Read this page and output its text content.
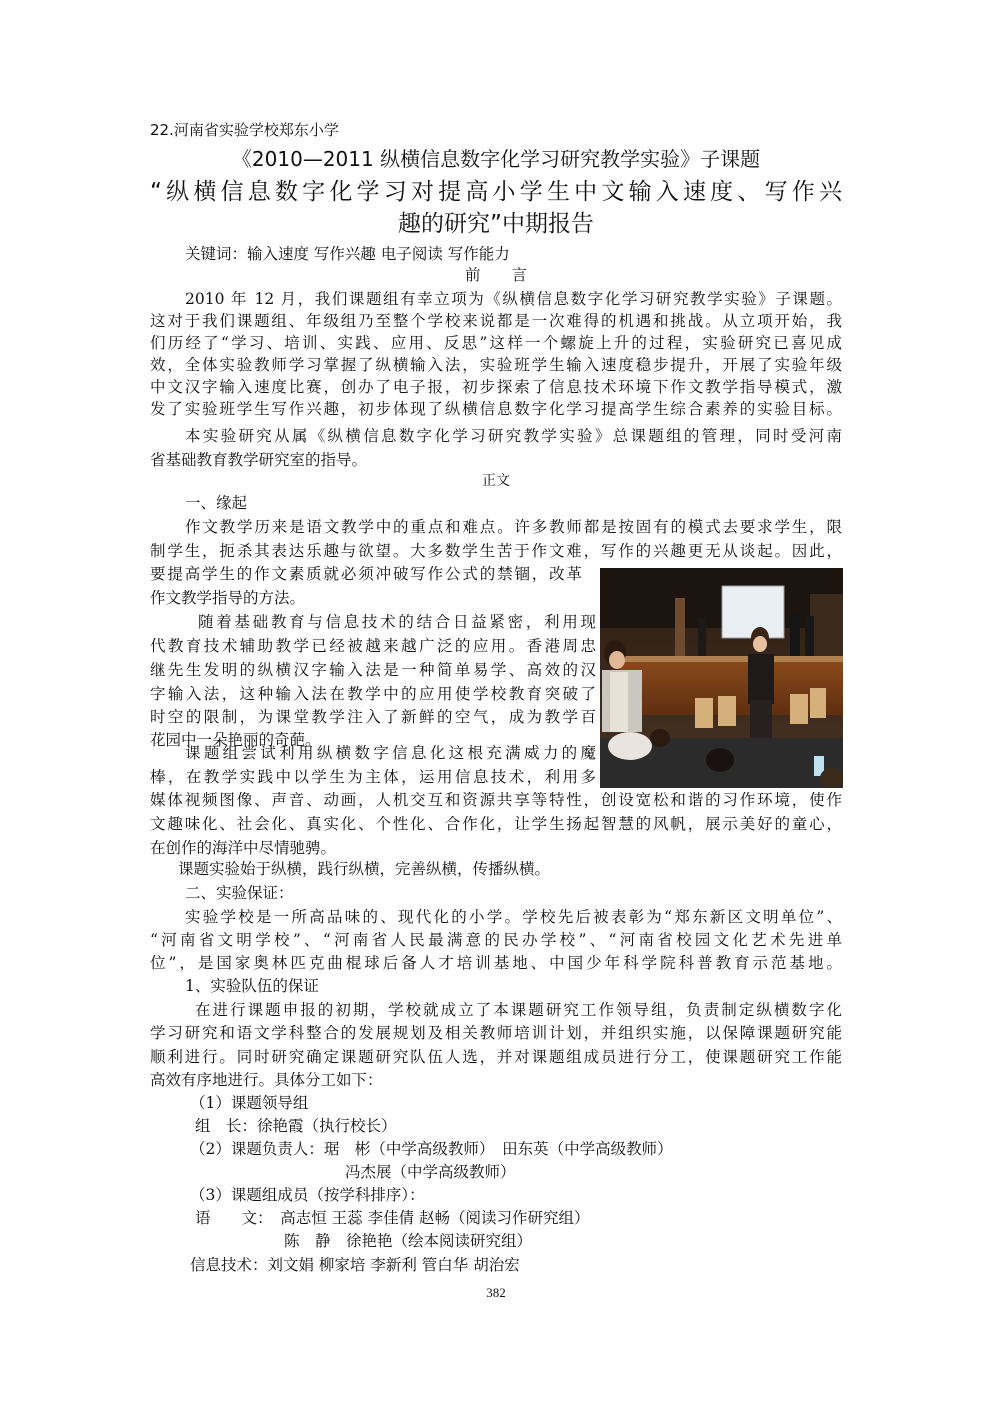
22.河南省实验学校郑东小学
《2010—2011 纵横信息数字化学习研究教学实验》子课题
“纵横信息数字化学习对提高小学生中文输入速度、写作兴
趣的研究”中期报告
关键词：输入速度 写作兴趣 电子阅读 写作能力
前　　言
2010 年 12 月，我们课题组有幸立项为《纵横信息数字化学习研究教学实验》子课题。
这对于我们课题组、年级组乃至整个学校来说都是一次难得的机遇和挑战。从立项开始，我
们历经了“学习、培训、实践、应用、反思”这样一个螺旋上升的过程，实验研究已喜见成
效，全体实验教师学习掌握了纵横输入法，实验班学生输入速度稳步提升，开展了实验年级
中文汉字输入速度比赛，创办了电子报，初步探索了信息技术环境下作文教学指导模式，激
发了实验班学生写作兴趣，初步体现了纵横信息数字化学习提高学生综合素养的实验目标。
本实验研究从属《纵横信息数字化学习研究教学实验》总课题组的管理，同时受河南
省基础教育教学研究室的指导。
正文
一、缘起
作文教学历来是语文教学中的重点和难点。许多教师都是按固有的模式去要求学生，限
制学生，扼杀其表达乐趣与欲望。大多数学生苦于作文难，写作的兴趣更无从谈起。因此，
要提高学生的作文素质就必须冲破写作公式的禁锢，改革
作文教学指导的方法。
随着基础教育与信息技术的结合日益紧密，利用现
代教育技术辅助教学已经被越来越广泛的应用。香港周忠
继先生发明的纵横汉字输入法是一种简单易学、高效的汉
字输入法，这种输入法在教学中的应用使学校教育突破了
时空的限制，为课堂教学注入了新鲜的空气，成为教学百
花园中一朵艳丽的奇葩。
课题组尝试利用纵横数字信息化这根充满威力的魔
棒，在教学实践中以学生为主体，运用信息技术，利用多
媒体视频图像、声音、动画，人机交互和资源共享等特性，创设宽松和谐的习作环境，使作
文趣味化、社会化、真实化、个性化、合作化，让学生扬起智慧的风帆，展示美好的童心，
在创作的海洋中尽情驰骋。
课题实验始于纵横，践行纵横，完善纵横，传播纵横。
二、实验保证：
实验学校是一所高品味的、现代化的小学。学校先后被表彰为“郑东新区文明单位”、
“河南省文明学校”、“河南省人民最满意的民办学校”、“河南省校园文化艺术先进单
位”，是国家奥林匹克曲棍球后备人才培训基地、中国少年科学院科普教育示范基地。
1、实验队伍的保证
在进行课题申报的初期，学校就成立了本课题研究工作领导组，负责制定纵横数字化
学习研究和语文学科整合的发展规划及相关教师培训计划，并组织实施，以保障课题研究能
顺利进行。同时研究确定课题研究队伍人选，并对课题组成员进行分工，使课题研究工作能
高效有序地进行。具体分工如下：
（1）课题领导组
组　长：徐艳霞（执行校长）
（2）课题负责人：琚　彬（中学高级教师）　田东英（中学高级教师）
冯杰展（中学高级教师）
（3）课题组成员（按学科排序）：
语　　文：　高志恒 王蕊 李佳倩 赵畅（阅读习作研究组）
陈　静　徐艳艳（绘本阅读研究组）
信息技术：刘文娟 柳家培 李新利 管白华 胡治宏
382
